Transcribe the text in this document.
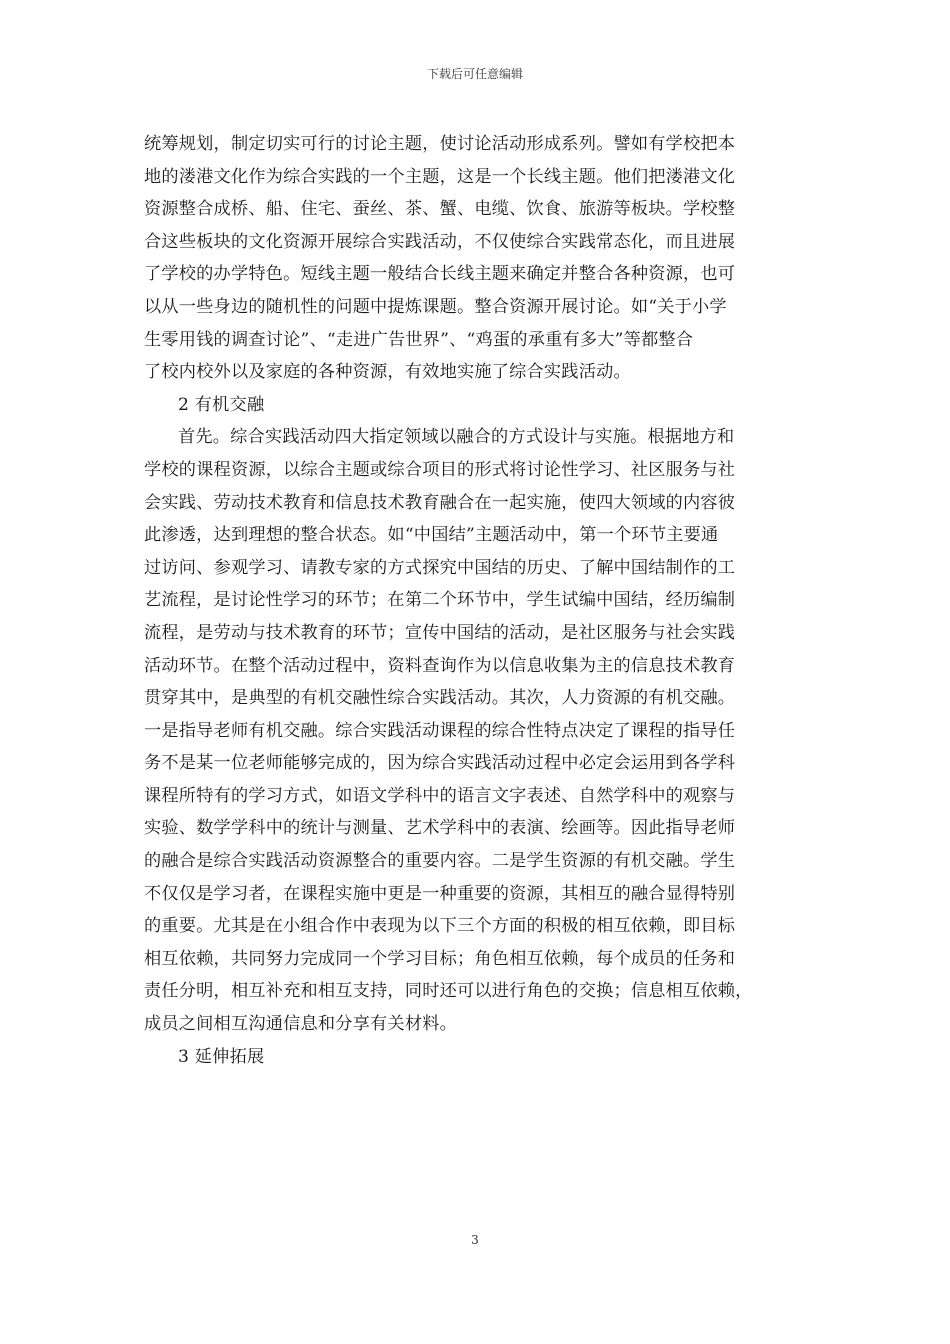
下载后可任意编辑
统筹规划，制定切实可行的讨论主题，使讨论活动形成系列。譬如有学校把本
地的溇港文化作为综合实践的一个主题，这是一个长线主题。他们把溇港文化
资源整合成桥、船、住宅、蚕丝、茶、蟹、电缆、饮食、旅游等板块。学校整
合这些板块的文化资源开展综合实践活动，不仅使综合实践常态化，而且进展
了学校的办学特色。短线主题一般结合长线主题来确定并整合各种资源，也可
以从一些身边的随机性的问题中提炼课题。整合资源开展讨论。如“关于小学
生零用钱的调查讨论”、“走进广告世界”、“鸡蛋的承重有多大”等都整合
了校内校外以及家庭的各种资源，有效地实施了综合实践活动。
2 有机交融
首先。综合实践活动四大指定领域以融合的方式设计与实施。根据地方和
学校的课程资源，以综合主题或综合项目的形式将讨论性学习、社区服务与社
会实践、劳动技术教育和信息技术教育融合在一起实施，使四大领域的内容彼
此渗透，达到理想的整合状态。如“中国结”主题活动中，第一个环节主要通
过访问、参观学习、请教专家的方式探究中国结的历史、了解中国结制作的工
艺流程，是讨论性学习的环节；在第二个环节中，学生试编中国结，经历编制
流程，是劳动与技术教育的环节；宣传中国结的活动，是社区服务与社会实践
活动环节。在整个活动过程中，资料查询作为以信息收集为主的信息技术教育
贯穿其中，是典型的有机交融性综合实践活动。其次，人力资源的有机交融。
一是指导老师有机交融。综合实践活动课程的综合性特点决定了课程的指导任
务不是某一位老师能够完成的，因为综合实践活动过程中必定会运用到各学科
课程所特有的学习方式，如语文学科中的语言文字表述、自然学科中的观察与
实验、数学学科中的统计与测量、艺术学科中的表演、绘画等。因此指导老师
的融合是综合实践活动资源整合的重要内容。二是学生资源的有机交融。学生
不仅仅是学习者，在课程实施中更是一种重要的资源，其相互的融合显得特别
的重要。尤其是在小组合作中表现为以下三个方面的积极的相互依赖，即目标
相互依赖，共同努力完成同一个学习目标；角色相互依赖，每个成员的任务和
责任分明，相互补充和相互支持，同时还可以进行角色的交换；信息相互依赖，
成员之间相互沟通信息和分享有关材料。
3 延伸拓展
3
